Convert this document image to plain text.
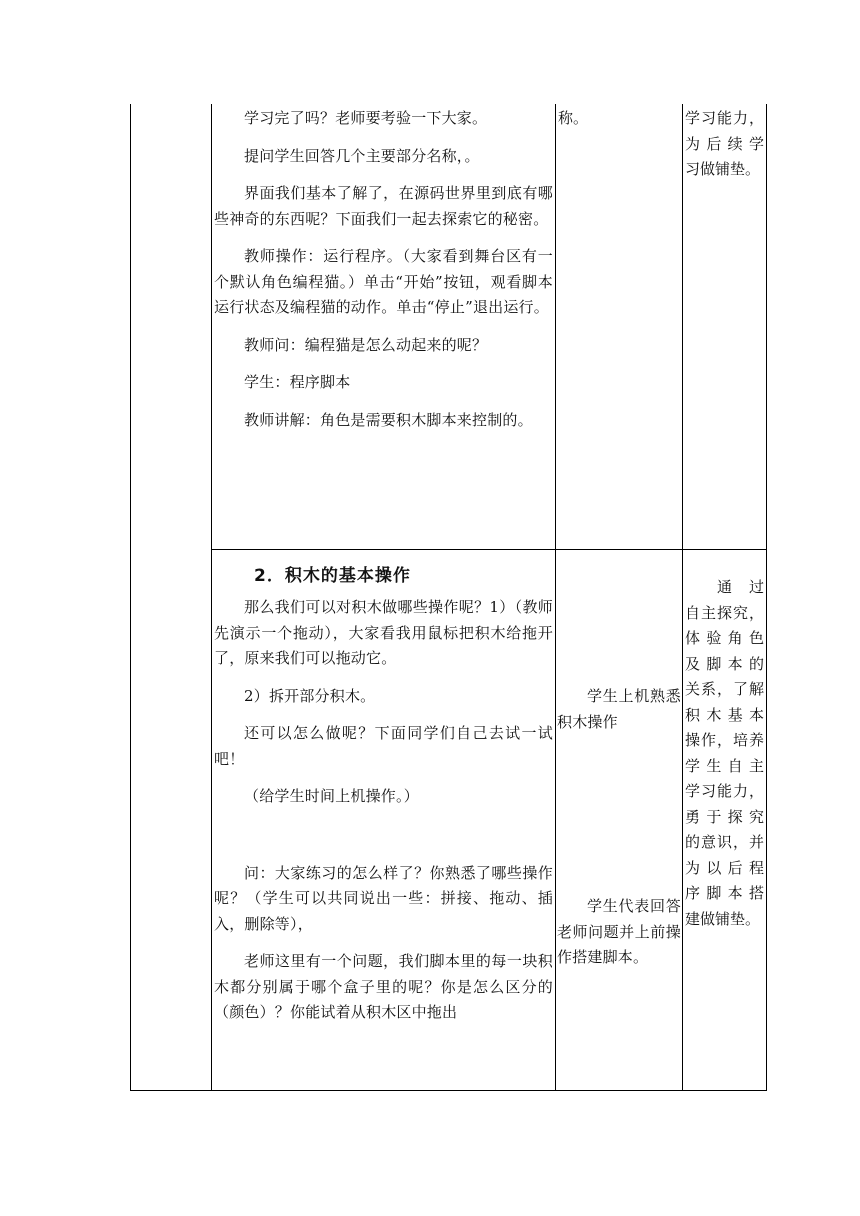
学习完了吗？老师要考验一下大家。

提问学生回答几个主要部分名称，。

界面我们基本了解了，在源码世界里到底有哪些神奇的东西呢？下面我们一起去探索它的秘密。

教师操作：运行程序。（大家看到舞台区有一个默认角色编程猫。）单击“开始”按钮，观看脚本运行状态及编程猫的动作。单击“停止”退出运行。

教师问：编程猫是怎么动起来的呢？

学生：程序脚本

教师讲解：角色是需要积木脚本来控制的。

称。	学习能力，
为后续学
习做铺垫。
2．积木的基本操作

那么我们可以对积木做哪些操作呢？1）（教师先演示一个拖动），大家看我用鼠标把积木给拖开了，原来我们可以拖动它。

2）拆开部分积木。

还可以怎么做呢？下面同学们自己去试一试吧！

（给学生时间上机操作。）

问：大家练习的怎么样了？你熟悉了哪些操作呢？（学生可以共同说出一些：拼接、拖动、插入，删除等），

老师这里有一个问题，我们脚本里的每一块积木都分别属于哪个盒子里的呢？你是怎么区分的（颜色）？你能试着从积木区中拖出

学生上机熟悉积木操作

学生代表回答老师问题并上前操作搭建脚本。

通　过
自主探究，
体验角色
及脚本的
关系，了解
积木基本
操作，培养
学生自主
学习能力，
勇于探究
的意识，并
为以后程
序脚本搭
建做铺垫。
